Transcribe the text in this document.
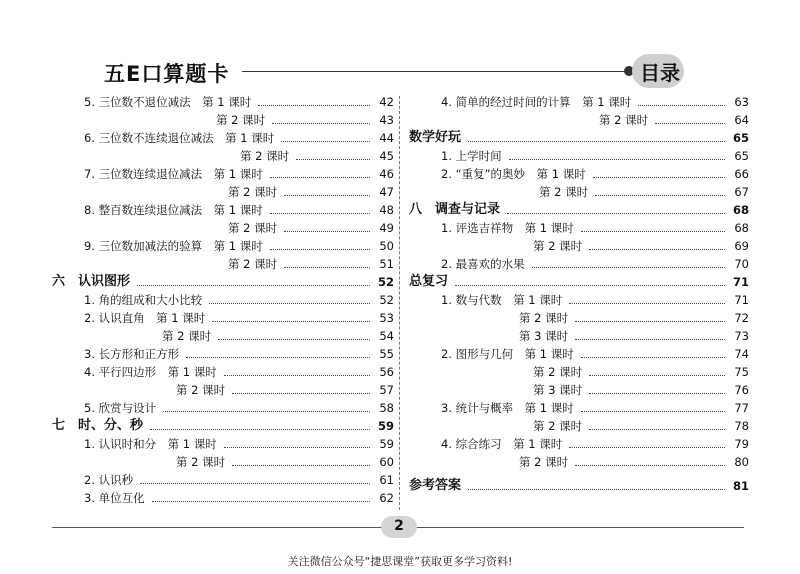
五E口算题卡	目录
5. 三位数不退位减法　第 1 课时	42
第 2 课时	43
6. 三位数不连续退位减法　第 1 课时	44
第 2 课时	45
7. 三位数连续退位减法　第 1 课时	46
第 2 课时	47
8. 整百数连续退位减法　第 1 课时	48
第 2 课时	49
9. 三位数加减法的验算　第 1 课时	50
第 2 课时	51
六　认识图形	52
1. 角的组成和大小比较	52
2. 认识直角　第 1 课时	53
第 2 课时	54
3. 长方形和正方形	55
4. 平行四边形　第 1 课时	56
第 2 课时	57
5. 欣赏与设计	58
七　时、分、秒	59
1. 认识时和分　第 1 课时	59
第 2 课时	60
2. 认识秒	61
3. 单位互化	62
4. 简单的经过时间的计算　第 1 课时	63
第 2 课时	64
数学好玩	65
1. 上学时间	65
2. “重复”的奥妙　第 1 课时	66
第 2 课时	67
八　调查与记录	68
1. 评选吉祥物　第 1 课时	68
第 2 课时	69
2. 最喜欢的水果	70
总复习	71
1. 数与代数　第 1 课时	71
第 2 课时	72
第 3 课时	73
2. 图形与几何　第 1 课时	74
第 2 课时	75
第 3 课时	76
3. 统计与概率　第 1 课时	77
第 2 课时	78
4. 综合练习　第 1 课时	79
第 2 课时	80
参考答案	81
2
关注微信公众号“捷思课堂”获取更多学习资料!
